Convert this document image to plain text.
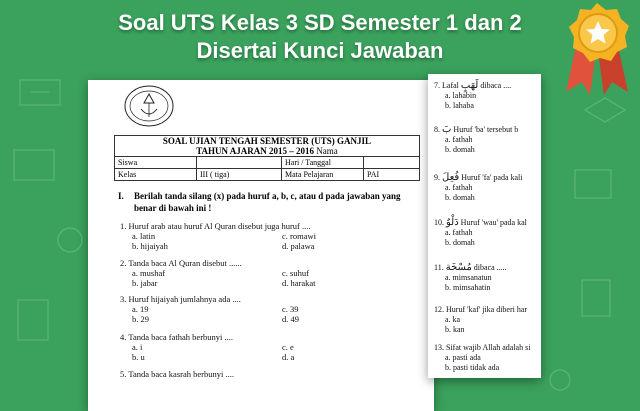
Soal UTS Kelas 3 SD Semester 1 dan 2
Disertai Kunci Jawaban
SOAL UJIAN TENGAH SEMESTER (UTS) GANJIL
TAHUN AJARAN 2015 – 2016 Nama			

Siswa		Hari / Tanggal	
Kelas	III ( tiga)	Mata Pelajaran	PAI
I. Berilah tanda silang (x) pada huruf a, b, c, atau d pada jawaban yang benar di bawah ini !
1. Huruf arab atau huruf Al Quran disebut juga huruf ....
a. latin	c. romawi
b. hijaiyah	d. palawa
2. Tanda baca Al Quran disebut ......
a. mushaf	c. suhuf
b. jabar	d. harakat
3. Huruf hijaiyah jumlahnya ada ....
a. 19	c. 39
b. 29	d. 49
4. Tanda baca fathah berbunyi ....
a. i	c. e
b. u	d. a
5. Tanda baca kasrah berbunyi ....
7. Lafal لَهَبٍ dibaca ....
a. lahabin
b. lahaba
8. بَ Huruf 'ba' tersebut b
a. fathah
b. domah
9. فُعِلَ Huruf 'fa' pada kali
a. fathah
b. domah
10. دَلْوٌ Huruf 'wau' pada kal
a. fathah
b. domah
11. مُسْخَة dibaca .....
a. mimsanatun
b. mimsahatin
12. Huruf 'kaf' jika diberi har
a. ka
b. kan
13. Sifat wajib Allah adalah si
a. pasti ada
b. pasti tidak ada
